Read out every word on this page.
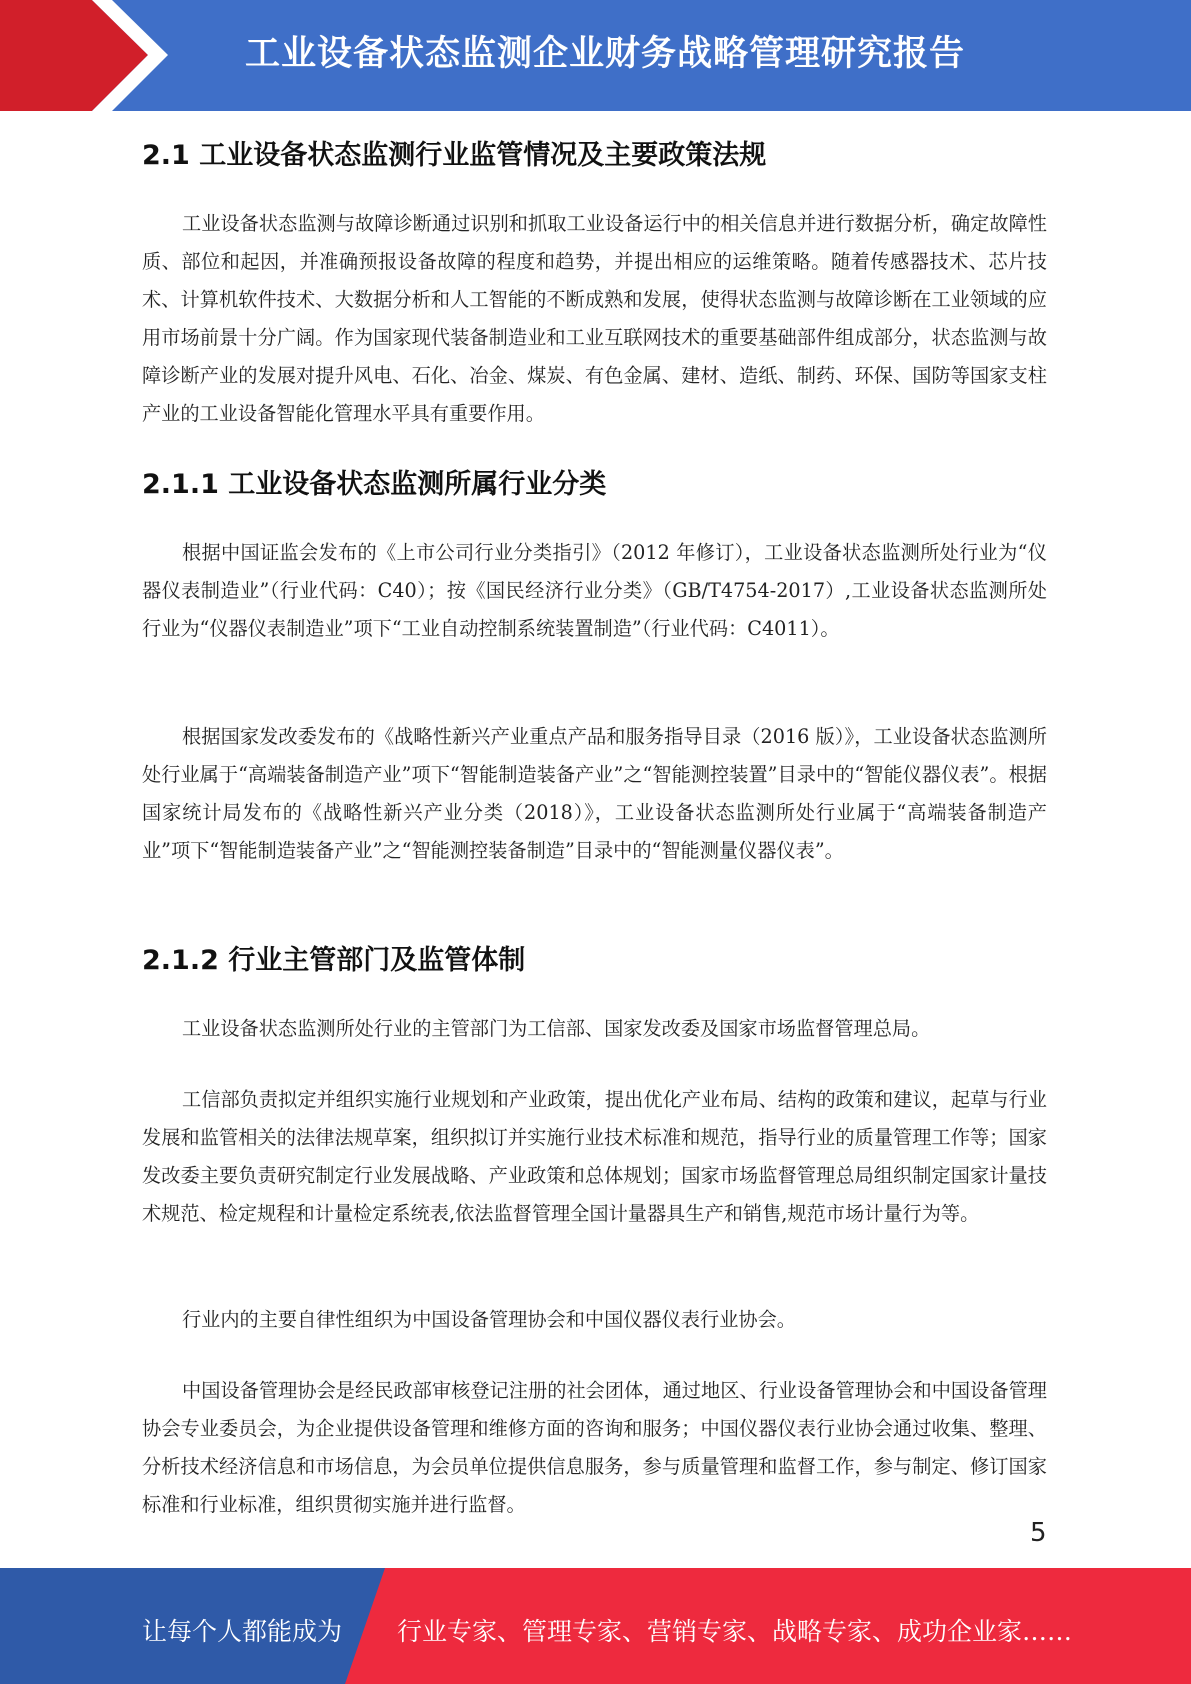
工业设备状态监测企业财务战略管理研究报告
2.1 工业设备状态监测行业监管情况及主要政策法规

工业设备状态监测与故障诊断通过识别和抓取工业设备运行中的相关信息并进行数据分析，确定故障性质、部位和起因，并准确预报设备故障的程度和趋势，并提出相应的运维策略。随着传感器技术、芯片技术、计算机软件技术、大数据分析和人工智能的不断成熟和发展，使得状态监测与故障诊断在工业领域的应用市场前景十分广阔。作为国家现代装备制造业和工业互联网技术的重要基础部件组成部分，状态监测与故障诊断产业的发展对提升风电、石化、冶金、煤炭、有色金属、建材、造纸、制药、环保、国防等国家支柱产业的工业设备智能化管理水平具有重要作用。

2.1.1 工业设备状态监测所属行业分类

根据中国证监会发布的《上市公司行业分类指引》（2012 年修订），工业设备状态监测所处行业为“仪器仪表制造业”（行业代码：C40）；按《国民经济行业分类》（GB/T4754-2017）,工业设备状态监测所处行业为“仪器仪表制造业”项下“工业自动控制系统装置制造”（行业代码：C4011）。

根据国家发改委发布的《战略性新兴产业重点产品和服务指导目录（2016 版）》，工业设备状态监测所处行业属于“高端装备制造产业”项下“智能制造装备产业”之“智能测控装置”目录中的“智能仪器仪表”。根据国家统计局发布的《战略性新兴产业分类（2018）》，工业设备状态监测所处行业属于“高端装备制造产业”项下“智能制造装备产业”之“智能测控装备制造”目录中的“智能测量仪器仪表”。

2.1.2 行业主管部门及监管体制

工业设备状态监测所处行业的主管部门为工信部、国家发改委及国家市场监督管理总局。

工信部负责拟定并组织实施行业规划和产业政策，提出优化产业布局、结构的政策和建议，起草与行业发展和监管相关的法律法规草案，组织拟订并实施行业技术标准和规范，指导行业的质量管理工作等；国家发改委主要负责研究制定行业发展战略、产业政策和总体规划；国家市场监督管理总局组织制定国家计量技术规范、检定规程和计量检定系统表,依法监督管理全国计量器具生产和销售,规范市场计量行为等。

行业内的主要自律性组织为中国设备管理协会和中国仪器仪表行业协会。

中国设备管理协会是经民政部审核登记注册的社会团体，通过地区、行业设备管理协会和中国设备管理协会专业委员会，为企业提供设备管理和维修方面的咨询和服务；中国仪器仪表行业协会通过收集、整理、分析技术经济信息和市场信息，为会员单位提供信息服务，参与质量管理和监督工作，参与制定、修订国家标准和行业标准，组织贯彻实施并进行监督。

5
让每个人都能成为 行业专家、管理专家、营销专家、战略专家、成功企业家……
